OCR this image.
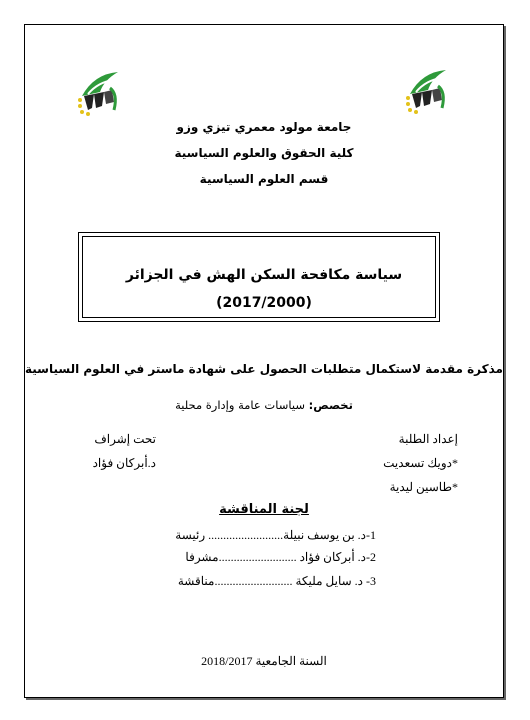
جامعة مولود معمري تيزي وزو
كلية الحقوق والعلوم السياسية
قسم العلوم السياسية
سياسة مكافحة السكن الهش في الجزائر
(2017/2000)
مذكرة مقدمة لاستكمال متطلبات الحصول على شهادة ماستر في العلوم السياسية
تخصص: سياسات عامة وإدارة محلية
إعداد الطلبة
تحت إشراف
*دويك تسعديت
د.أبركان فؤاد
*طاسين ليدية
لجنة المناقشة
1-د. بن يوسف نبيلة......................... رئيسة
2-د. أبركان فؤاد ..........................مشرفا
3- د. سايل مليكة ..........................مناقشة
السنة الجامعية 2018/2017
